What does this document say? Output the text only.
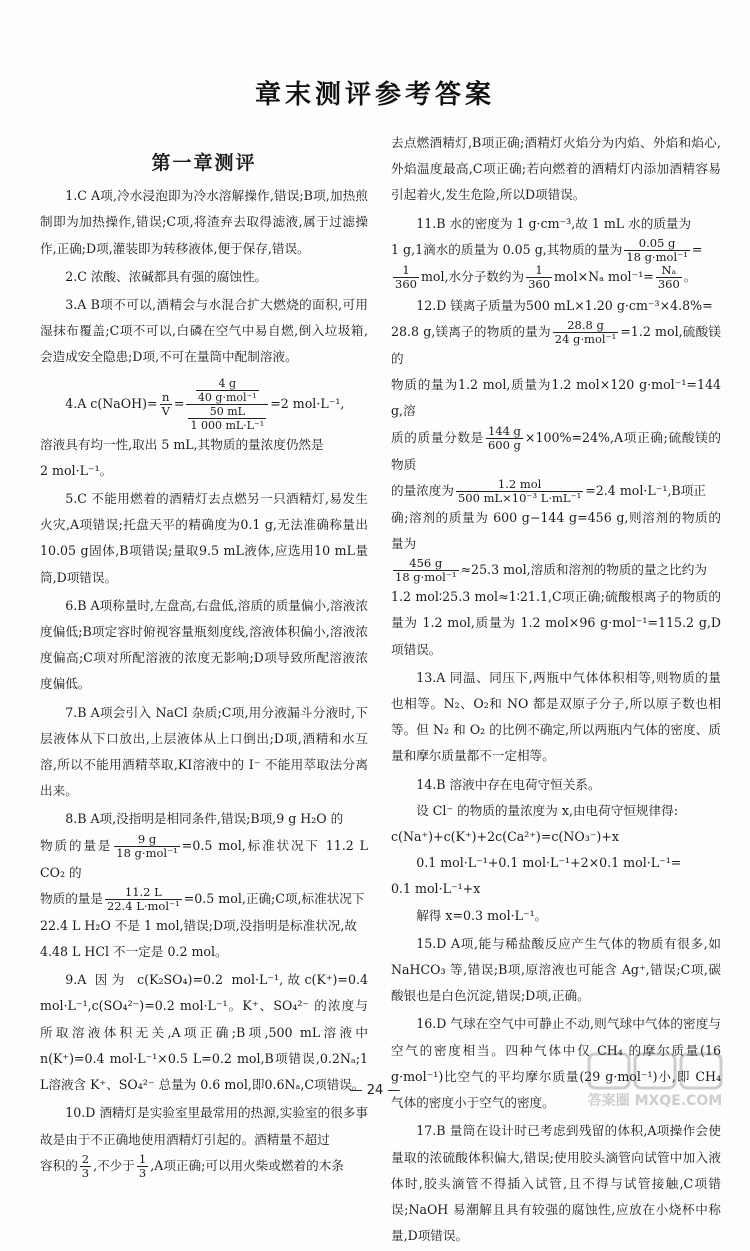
章末测评参考答案
第一章测评

1.C A项,冷水浸泡即为冷水溶解操作,错误;B项,加热煎制即为加热操作,错误;C项,将渣弃去取得滤液,属于过滤操作,正确;D项,灌装即为转移液体,便于保存,错误。

2.C 浓酸、浓碱都具有强的腐蚀性。

3.A B项不可以,酒精会与水混合扩大燃烧的面积,可用湿抹布覆盖;C项不可以,白磷在空气中易自燃,倒入垃圾箱,会造成安全隐患;D项,不可在量筒中配制溶液。

4.A c(NaOH)= $\frac{n}{V} = \frac{\frac{4 g}{\text{40 g·mol⁻¹}}}{\frac{50 mL}{\text{1 000 mL·L⁻¹}}} =2$ mol·L⁻¹,
溶液具有均一性,取出 5 mL,其物质的量浓度仍然是
2 mol·L⁻¹。

5.C 不能用燃着的酒精灯去点燃另一只酒精灯,易发生火灾,A项错误;托盘天平的精确度为0.1 g,无法准确称量出10.05 g固体,B项错误;量取9.5 mL液体,应选用10 mL量筒,D项错误。

6.B A项称量时,左盘高,右盘低,溶质的质量偏小,溶液浓度偏低;B项定容时俯视容量瓶刻度线,溶液体积偏小,溶液浓度偏高;C项对所配溶液的浓度无影响;D项导致所配溶液浓度偏低。

7.B A项会引入 NaCl 杂质;C项,用分液漏斗分液时,下层液体从下口放出,上层液体从上口倒出;D项,酒精和水互溶,所以不能用酒精萃取,KI溶液中的 I⁻ 不能用萃取法分离出来。

8.B A项,没指明是相同条件,错误;B项,9 g H₂O 的
物质的量是 $\frac{9 g}{\text{18 g·mol⁻¹}} =0.5$ mol,标准状况下 11.2 L CO₂ 的
物质的量是 $\frac{11.2 L}{\text{22.4 L·mol⁻¹}} =0.5$ mol,正确;C项,标准状况下
22.4 L H₂O 不是 1 mol,错误;D项,没指明是标准状况,故
4.48 L HCl 不一定是 0.2 mol。

9.A 因为 c(K₂SO₄)=0.2 mol·L⁻¹,故c(K⁺)=0.4 mol·L⁻¹,c(SO₄²⁻)=0.2 mol·L⁻¹。K⁺、SO₄²⁻ 的浓度与所取溶液体积无关,A项正确;B项,500 mL溶液中n(K⁺)=0.4 mol·L⁻¹×0.5 L=0.2 mol,B项错误,0.2Nₐ;1 L溶液含 K⁺、SO₄²⁻ 总量为 0.6 mol,即0.6Nₐ,C项错误。

10.D 酒精灯是实验室里最常用的热源,实验室的很多事故是由于不正确地使用酒精灯引起的。酒精量不超过
容积的 $\frac{2}{3}$ ,不少于 $\frac{1}{3} ,A$项正确;可以用火柴或燃着的木条

去点燃酒精灯,B项正确;酒精灯火焰分为内焰、外焰和焰心,外焰温度最高,C项正确;若向燃着的酒精灯内添加酒精容易引起着火,发生危险,所以D项错误。

11.B 水的密度为 1 g·cm⁻³,故 1 mL 水的质量为
1 g,1滴水的质量为 0.05 g,其物质的量为 $\frac{0.05 g}{\text{18 g·mol⁻¹}}$ =
$\frac{1}{360}$ mol,水分子数约为 $\frac{1}{360} mol\times N_a$ $mol^{-1}= \frac{\text{Nₐ}}{360}$ 。

12.D 镁离子质量为500 mL×1.20 g·cm⁻³×4.8%=
28.8 g,镁离子的物质的量为 $\frac{28.8 g}{\text{24 g·mol⁻¹}} =1.2$ mol,硫酸镁的
物质的量为1.2 mol,质量为1.2 mol×120 g·mol⁻¹=144 g,溶
质的质量分数是 $\frac{144 g}{600 g} \times 100\%=24\%,A$项正确;硫酸镁的物质
的量浓度为 $\frac{\text{1.2 mol}}{\text{500 mL×10⁻³ L·mL⁻¹}} =2.4$ mol·L⁻¹,B项正
确;溶剂的质量为 600 g−144 g=456 g,则溶剂的物质的量为
$\frac{456 g}{\text{18 g·mol⁻¹}} \approx 25.3$ mol,溶质和溶剂的物质的量之比约为
1.2 mol∶25.3 mol≈1∶21.1,C项正确;硫酸根离子的物质的量为 1.2 mol,质量为 1.2 mol×96 g·mol⁻¹=115.2 g,D项错误。

13.A 同温、同压下,两瓶中气体体积相等,则物质的量也相等。N₂、O₂和 NO 都是双原子分子,所以原子数也相等。但 N₂ 和 O₂ 的比例不确定,所以两瓶内气体的密度、质量和摩尔质量都不一定相等。

14.B 溶液中存在电荷守恒关系。
设 Cl⁻ 的物质的量浓度为 x,由电荷守恒规律得:
c(Na⁺)+c(K⁺)+2c(Ca²⁺)=c(NO₃⁻)+x
0.1 mol·L⁻¹+0.1 mol·L⁻¹+2×0.1 mol·L⁻¹=
0.1 mol·L⁻¹+x
解得 x=0.3 mol·L⁻¹。

15.D A项,能与稀盐酸反应产生气体的物质有很多,如 NaHCO₃ 等,错误;B项,原溶液也可能含 Ag⁺,错误;C项,碳酸银也是白色沉淀,错误;D项,正确。

16.D 气球在空气中可静止不动,则气球中气体的密度与空气的密度相当。四种气体中仅 CH₄ 的摩尔质量(16 g·mol⁻¹)比空气的平均摩尔质量(29 g·mol⁻¹)小,即 CH₄ 气体的密度小于空气的密度。

17.B 量筒在设计时已考虑到残留的体积,A项操作会使量取的浓硫酸体积偏大,错误;使用胶头滴管向试管中加入液体时,胶头滴管不得插入试管,且不得与试管接触,C项错误;NaOH 易潮解且具有较强的腐蚀性,应放在小烧杯中称量,D项错误。

— 24 —
答案圈 MXQE.COM
